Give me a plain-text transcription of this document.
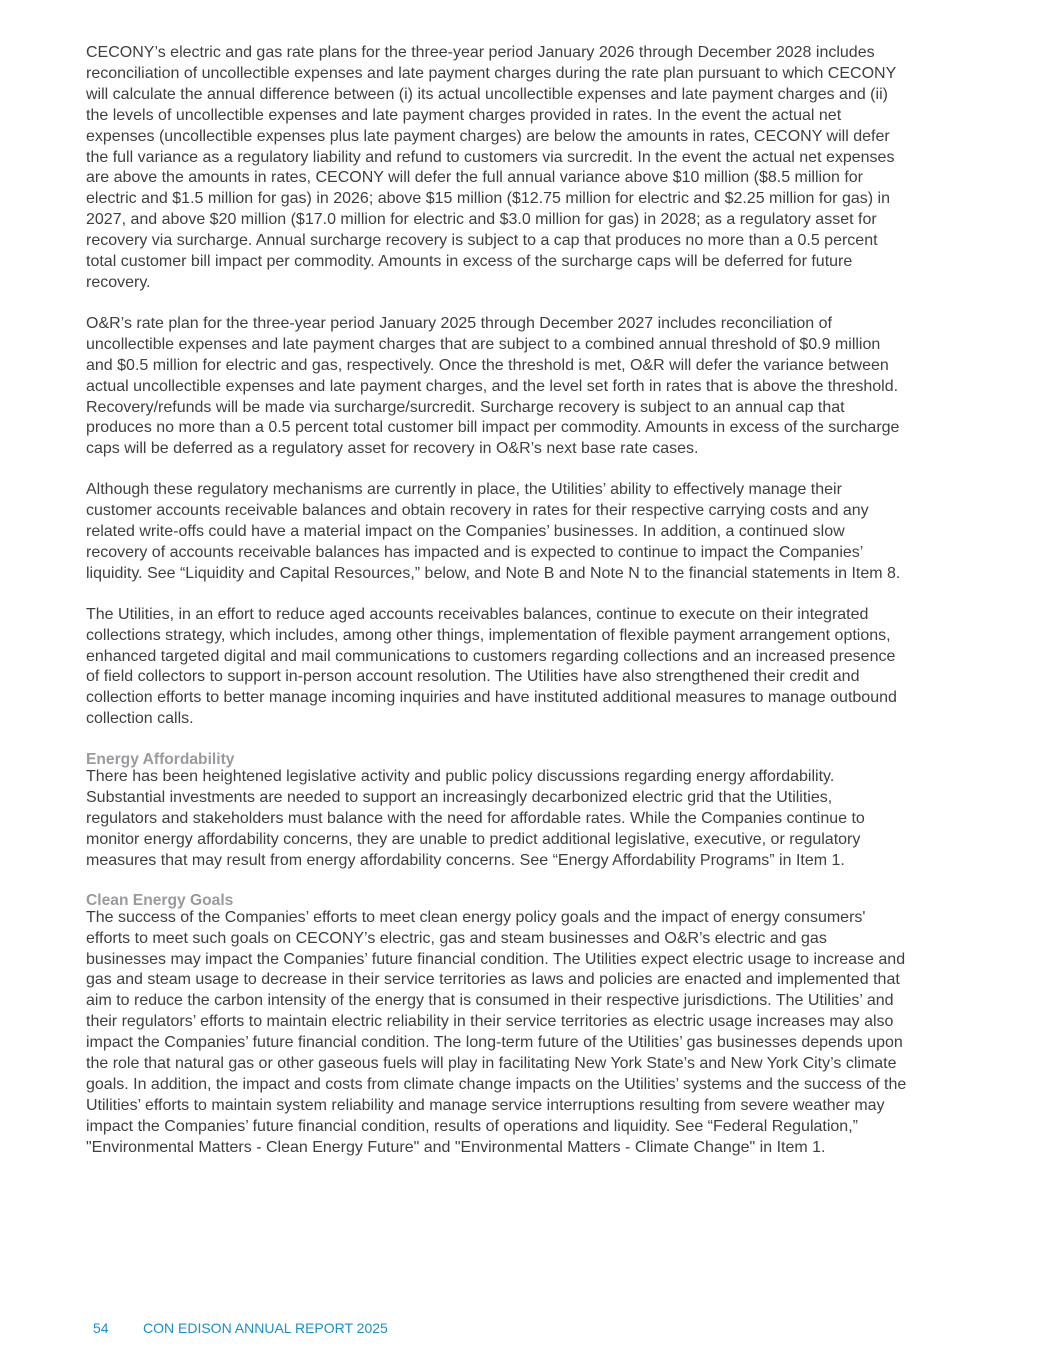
CECONY’s electric and gas rate plans for the three-year period January 2026 through December 2028 includes
reconciliation of uncollectible expenses and late payment charges during the rate plan pursuant to which CECONY
will calculate the annual difference between (i) its actual uncollectible expenses and late payment charges and (ii)
the levels of uncollectible expenses and late payment charges provided in rates. In the event the actual net
expenses (uncollectible expenses plus late payment charges) are below the amounts in rates, CECONY will defer
the full variance as a regulatory liability and refund to customers via surcredit. In the event the actual net expenses
are above the amounts in rates, CECONY will defer the full annual variance above $10 million ($8.5 million for
electric and $1.5 million for gas) in 2026; above $15 million ($12.75 million for electric and $2.25 million for gas) in
2027, and above $20 million ($17.0 million for electric and $3.0 million for gas) in 2028; as a regulatory asset for
recovery via surcharge. Annual surcharge recovery is subject to a cap that produces no more than a 0.5 percent
total customer bill impact per commodity. Amounts in excess of the surcharge caps will be deferred for future
recovery.

O&R’s rate plan for the three-year period January 2025 through December 2027 includes reconciliation of
uncollectible expenses and late payment charges that are subject to a combined annual threshold of $0.9 million
and $0.5 million for electric and gas, respectively. Once the threshold is met, O&R will defer the variance between
actual uncollectible expenses and late payment charges, and the level set forth in rates that is above the threshold.
Recovery/refunds will be made via surcharge/surcredit. Surcharge recovery is subject to an annual cap that
produces no more than a 0.5 percent total customer bill impact per commodity. Amounts in excess of the surcharge
caps will be deferred as a regulatory asset for recovery in O&R’s next base rate cases.

Although these regulatory mechanisms are currently in place, the Utilities’ ability to effectively manage their
customer accounts receivable balances and obtain recovery in rates for their respective carrying costs and any
related write-offs could have a material impact on the Companies’ businesses. In addition, a continued slow
recovery of accounts receivable balances has impacted and is expected to continue to impact the Companies’
liquidity. See “Liquidity and Capital Resources,” below, and Note B and Note N to the financial statements in Item 8.

The Utilities, in an effort to reduce aged accounts receivables balances, continue to execute on their integrated
collections strategy, which includes, among other things, implementation of flexible payment arrangement options,
enhanced targeted digital and mail communications to customers regarding collections and an increased presence
of field collectors to support in-person account resolution. The Utilities have also strengthened their credit and
collection efforts to better manage incoming inquiries and have instituted additional measures to manage outbound
collection calls.

Energy Affordability

There has been heightened legislative activity and public policy discussions regarding energy affordability.
Substantial investments are needed to support an increasingly decarbonized electric grid that the Utilities,
regulators and stakeholders must balance with the need for affordable rates. While the Companies continue to
monitor energy affordability concerns, they are unable to predict additional legislative, executive, or regulatory
measures that may result from energy affordability concerns. See “Energy Affordability Programs” in Item 1.

Clean Energy Goals

The success of the Companies’ efforts to meet clean energy policy goals and the impact of energy consumers'
efforts to meet such goals on CECONY’s electric, gas and steam businesses and O&R’s electric and gas
businesses may impact the Companies’ future financial condition. The Utilities expect electric usage to increase and
gas and steam usage to decrease in their service territories as laws and policies are enacted and implemented that
aim to reduce the carbon intensity of the energy that is consumed in their respective jurisdictions. The Utilities’ and
their regulators’ efforts to maintain electric reliability in their service territories as electric usage increases may also
impact the Companies’ future financial condition. The long-term future of the Utilities’ gas businesses depends upon
the role that natural gas or other gaseous fuels will play in facilitating New York State’s and New York City’s climate
goals. In addition, the impact and costs from climate change impacts on the Utilities’ systems and the success of the
Utilities’ efforts to maintain system reliability and manage service interruptions resulting from severe weather may
impact the Companies’ future financial condition, results of operations and liquidity. See “Federal Regulation,”
"Environmental Matters - Clean Energy Future" and "Environmental Matters - Climate Change" in Item 1.

54 CON EDISON ANNUAL REPORT 2025
